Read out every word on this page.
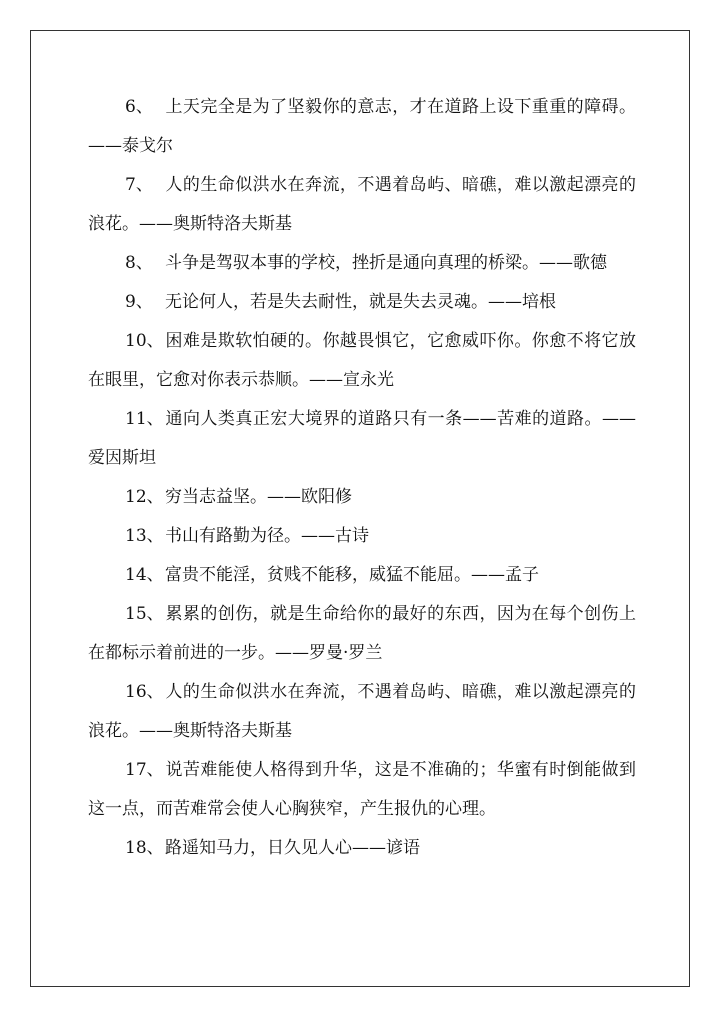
6、 上天完全是为了坚毅你的意志，才在道路上设下重重的障碍。——泰戈尔

7、 人的生命似洪水在奔流，不遇着岛屿、暗礁，难以激起漂亮的浪花。——奥斯特洛夫斯基

8、 斗争是驾驭本事的学校，挫折是通向真理的桥梁。——歌德

9、 无论何人，若是失去耐性，就是失去灵魂。——培根

10、困难是欺软怕硬的。你越畏惧它，它愈威吓你。你愈不将它放在眼里，它愈对你表示恭顺。——宣永光

11、通向人类真正宏大境界的道路只有一条——苦难的道路。——爱因斯坦

12、穷当志益坚。——欧阳修

13、书山有路勤为径。——古诗

14、富贵不能淫，贫贱不能移，威猛不能屈。——孟子

15、累累的创伤，就是生命给你的最好的东西，因为在每个创伤上在都标示着前进的一步。——罗曼·罗兰

16、人的生命似洪水在奔流，不遇着岛屿、暗礁，难以激起漂亮的浪花。——奥斯特洛夫斯基

17、说苦难能使人格得到升华，这是不准确的；华蜜有时倒能做到这一点，而苦难常会使人心胸狭窄，产生报仇的心理。

18、路遥知马力，日久见人心——谚语
